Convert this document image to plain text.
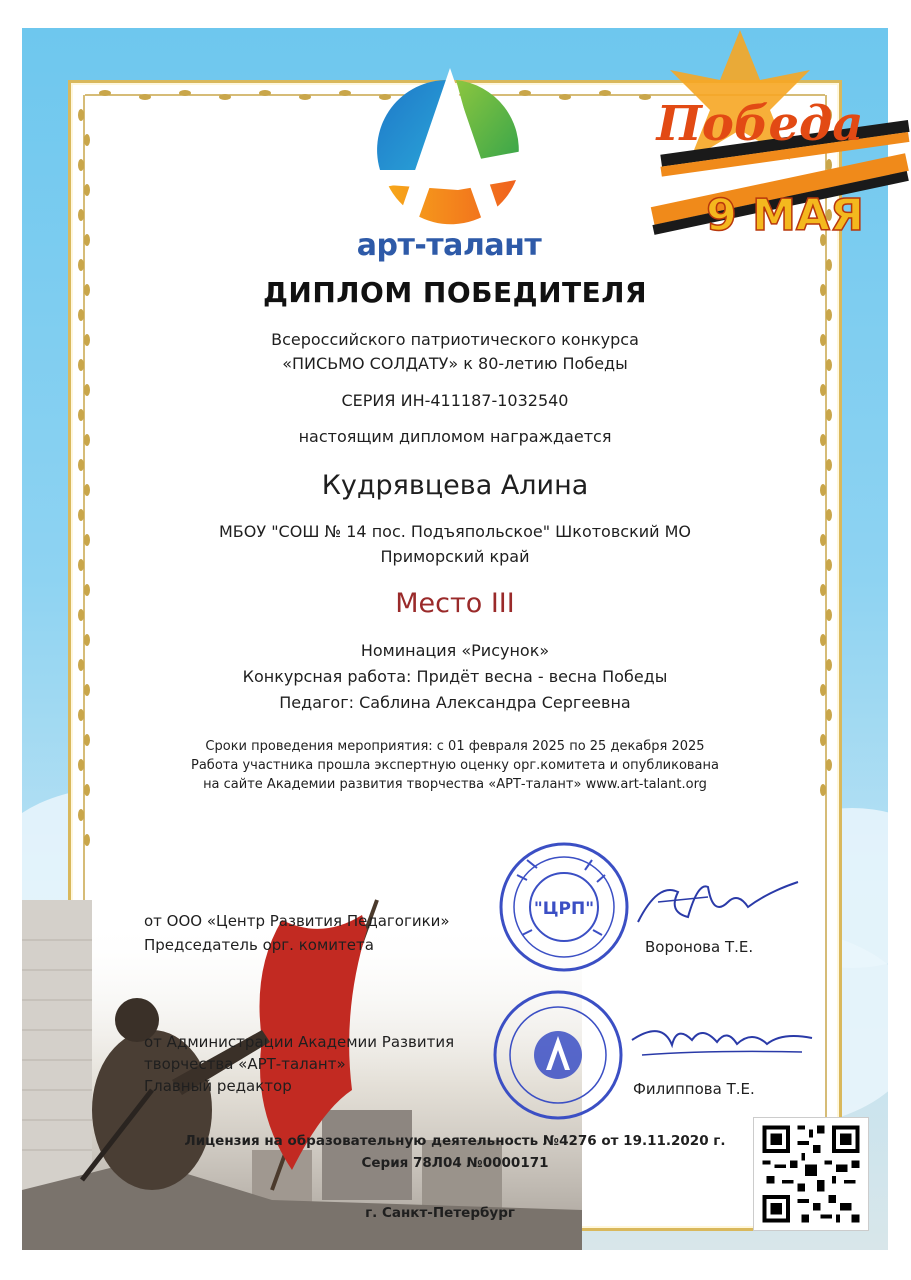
арт-талант
Победа
9 МАЯ
ДИПЛОМ ПОБЕДИТЕЛЯ
Всероссийского патриотического конкурса
«ПИСЬМО СОЛДАТУ» к 80-летию Победы
СЕРИЯ ИН-411187-1032540
настоящим дипломом награждается
Кудрявцева Алина
МБОУ "СОШ № 14 пос. Подъяпольское" Шкотовский МО
Приморский край
Место III
Номинация «Рисунок»
Конкурсная работа: Придёт весна - весна Победы
Педагог: Саблина Александра Сергеевна
Сроки проведения мероприятия: с 01 февраля 2025 по 25 декабря 2025
Работа участника прошла экспертную оценку орг.комитета и опубликована
на сайте Академии развития творчества «АРТ-талант» www.art-talant.org
от ООО «Центр Развития Педагогики»
Председатель орг. комитета
"ЦРП"
Воронова Т.Е.
от Администрации Академии Развития
творчества «АРТ-талант»
Главный редактор	Филиппова Т.Е.
Лицензия на образовательную деятельность №4276 от 19.11.2020 г.
Серия 78Л04 №0000171
г. Санкт-Петербург
